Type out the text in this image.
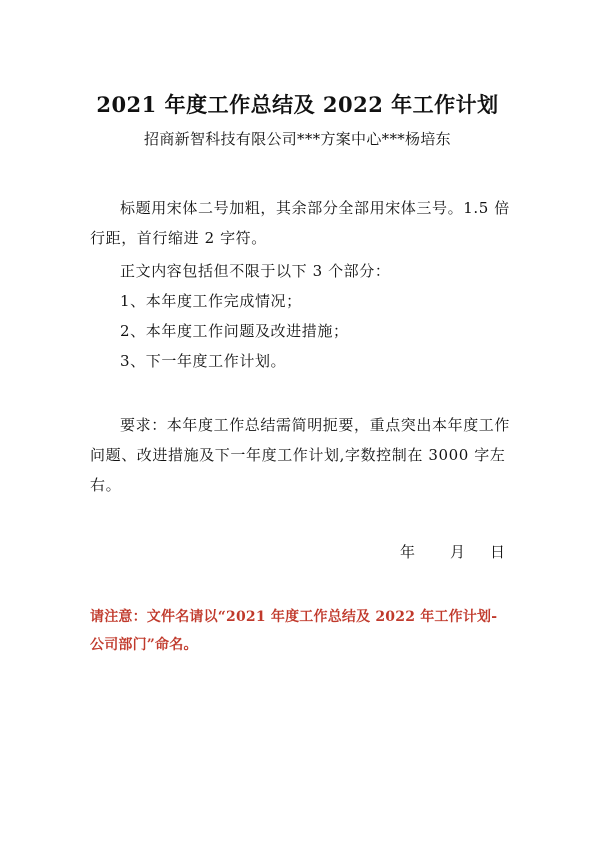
2021 年度工作总结及 2022 年工作计划

招商新智科技有限公司***方案中心***杨培东

标题用宋体二号加粗，其余部分全部用宋体三号。1.5 倍行距，首行缩进 2 字符。

正文内容包括但不限于以下 3 个部分：

1、本年度工作完成情况；

2、本年度工作问题及改进措施；

3、下一年度工作计划。

要求：本年度工作总结需简明扼要，重点突出本年度工作问题、改进措施及下一年度工作计划,字数控制在 3000 字左右。

年 月 日

请注意：文件名请以“2021 年度工作总结及 2022 年工作计划-公司部门”命名。
